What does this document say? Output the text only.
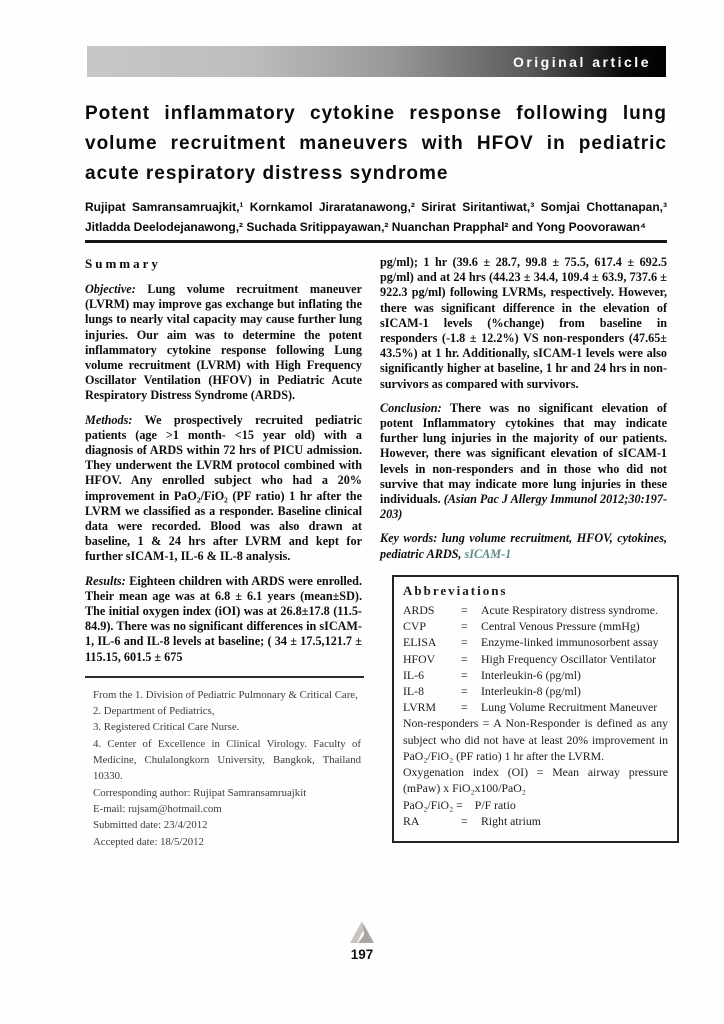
Original article
Potent inflammatory cytokine response following lung
volume recruitment maneuvers with HFOV in pediatric
acute respiratory distress syndrome
Rujipat Samransamruajkit,¹ Kornkamol Jiraratanawong,² Sirirat Siritantiwat,³ Somjai Chottanapan,³ Jitladda Deelodejanawong,² Suchada Sritippayawan,² Nuanchan Prapphal² and Yong Poovorawan⁴
Summary

Objective: Lung volume recruitment maneuver (LVRM) may improve gas exchange but inflating the lungs to nearly vital capacity may cause further lung injuries. Our aim was to determine the potent inflammatory cytokine response following Lung volume recruitment (LVRM) with High Frequency Oscillator Ventilation (HFOV) in Pediatric Acute Respiratory Distress Syndrome (ARDS).

Methods: We prospectively recruited pediatric patients (age >1 month- <15 year old) with a diagnosis of ARDS within 72 hrs of PICU admission. They underwent the LVRM protocol combined with HFOV. Any enrolled subject who had a 20% improvement in PaO₂/FiO₂ (PF ratio) 1 hr after the LVRM we classified as a responder. Baseline clinical data were recorded. Blood was also drawn at baseline, 1 & 24 hrs after LVRM and kept for further sICAM-1, IL-6 & IL-8 analysis.

Results: Eighteen children with ARDS were enrolled. Their mean age was at 6.8 ± 6.1 years (mean±SD). The initial oxygen index (iOI) was at 26.8±17.8 (11.5-84.9). There was no significant differences in sICAM-1, IL-6 and IL-8 levels at baseline; ( 34 ± 17.5,121.7 ± 115.15, 601.5 ± 675

From the 1. Division of Pediatric Pulmonary & Critical Care,
2. Department of Pediatrics,
3. Registered Critical Care Nurse.
4. Center of Excellence in Clinical Virology. Faculty of Medicine, Chulalongkorn University, Bangkok, Thailand 10330.
Corresponding author: Rujipat Samransamruajkit
E-mail: rujsam@hotmail.com
Submitted date: 23/4/2012
Accepted date: 18/5/2012

pg/ml); 1 hr (39.6 ± 28.7, 99.8 ± 75.5, 617.4 ± 692.5 pg/ml) and at 24 hrs (44.23 ± 34.4, 109.4 ± 63.9, 737.6 ± 922.3 pg/ml) following LVRMs, respectively. However, there was significant difference in the elevation of sICAM-1 levels (%change) from baseline in responders (-1.8 ± 12.2%) VS non-responders (47.65± 43.5%) at 1 hr. Additionally, sICAM-1 levels were also significantly higher at baseline, 1 hr and 24 hrs in non-survivors as compared with survivors.

Conclusion: There was no significant elevation of potent Inflammatory cytokines that may indicate further lung injuries in the majority of our patients. However, there was significant elevation of sICAM-1 levels in non-responders and in those who did not survive that may indicate more lung injuries in these individuals. (Asian Pac J Allergy Immunol 2012;30:197-203)

Key words: lung volume recruitment, HFOV, cytokines, pediatric ARDS, sICAM-1

Abbreviations
ARDS	=	Acute Respiratory distress syndrome.
CVP	=	Central Venous Pressure (mmHg)
ELISA	=	Enzyme-linked immunosorbent assay
HFOV	=	High Frequency Oscillator Ventilator
IL-6	=	Interleukin-6 (pg/ml)
IL-8	=	Interleukin-8 (pg/ml)
LVRM	=	Lung Volume Recruitment Maneuver
Non-responders = A Non-Responder is defined as any subject who did not have at least 20% improvement in PaO₂/FiO₂ (PF ratio) 1 hr after the LVRM.
Oxygenation index (OI) = Mean airway pressure (mPaw) x FiO₂x100/PaO₂
PaO₂/FiO₂ = P/F ratio
RA	=	Right atrium
197
